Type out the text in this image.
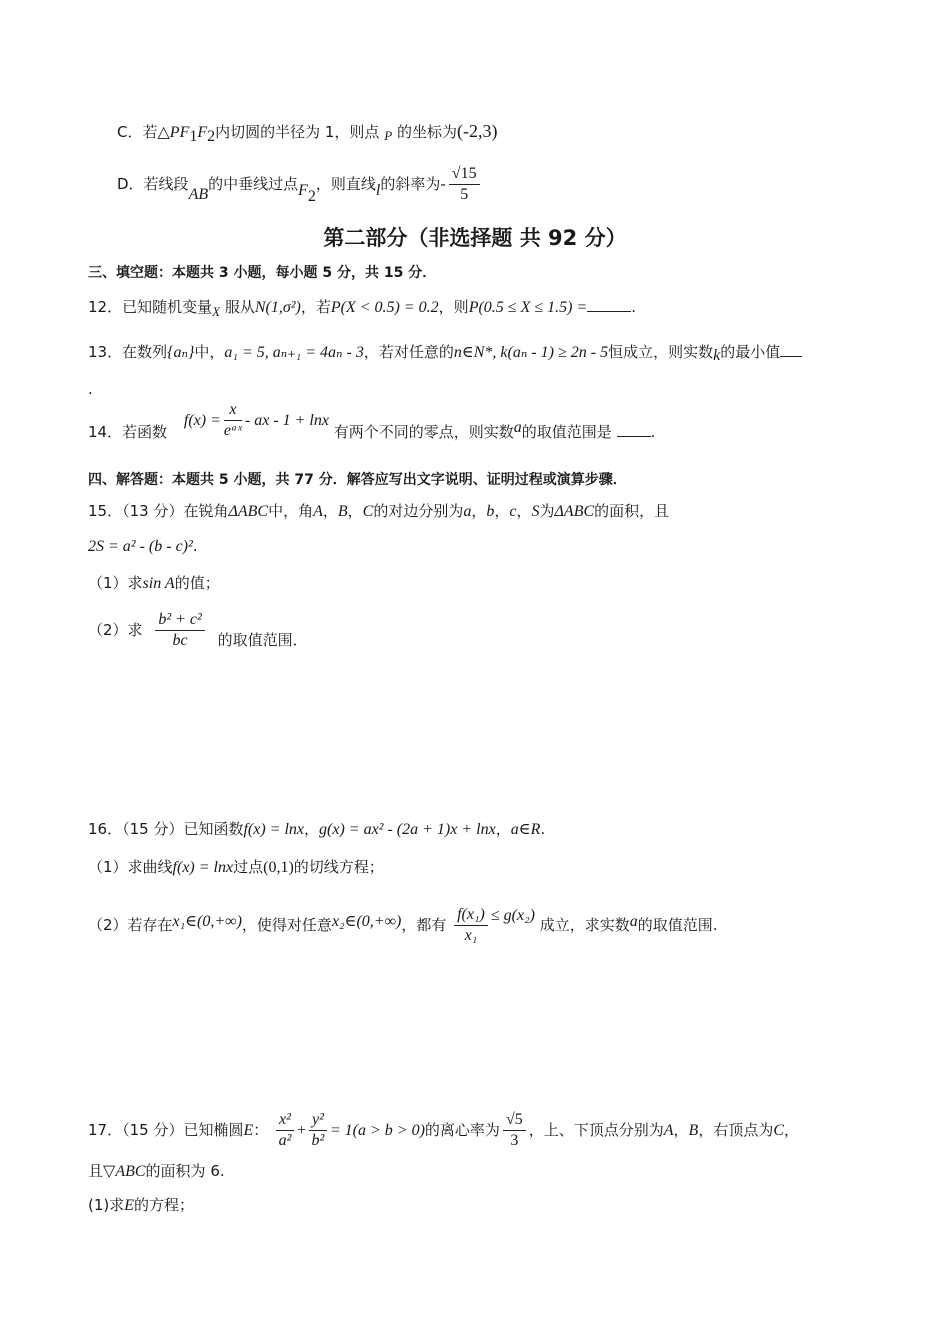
C．若$\triangle PF_1F_2$内切圆的半径为 1，则点 P 的坐标为(-2,3)
D．若线段AB的中垂线过点$F_2$，则直线l的斜率为- $\frac{√15}{5}$
第二部分（非选择题 共 92 分）
三、填空题：本题共 3 小题，每小题 5 分，共 15 分．
12．已知随机变量X 服从N(1,σ²)，若P(X < 0.5) = 0.2，则P(0.5 ≤ X ≤ 1.5) =	.
13．在数列{aₙ}中，a₁ = 5, aₙ₊₁ = 4aₙ - 3，若对任意的n∈N*, k(aₙ - 1) ≥ 2n - 5恒成立，则实数k的最小值
.
14．若函数 $f(x) = \frac{x}{\text{eᵃˣ}}$ - ax - 1 + lnx 有两个不同的零点，则实数a的取值范围是	.
四、解答题：本题共 5 小题，共 77 分．解答应写出文字说明、证明过程或演算步骤．
15．（13 分）在锐角ΔABC中，角A，B，C的对边分别为a，b，c，S为ΔABC的面积，且
2S = a² - (b - c)².
（1）求sin A的值；
（2）求 $\frac{\text{b² + c²}}{bc}$ 的取值范围．
16．（15 分）已知函数f(x) = lnx，g(x) = ax² - (2a + 1)x + lnx，a∈R.
（1）求曲线f(x) = lnx过点(0,1)的切线方程；
（2）若存在x₁∈(0,+∞)，使得对任意x₂∈(0,+∞)，都有 $\frac{\text{f(x₁)}}{\text{x₁}} \le g(x_2)$ 成立，求实数a的取值范围.
17．（15 分）已知椭圆E： $\frac{\text{x²}}{\text{a²}} + \frac{\text{y²}}{\text{b²}} = 1(a > b > 0)$的离心率为 $\frac{√5}{3}$ ，上、下顶点分别为A，B，右顶点为C，
且▽ABC的面积为 6.
(1)求E的方程；
